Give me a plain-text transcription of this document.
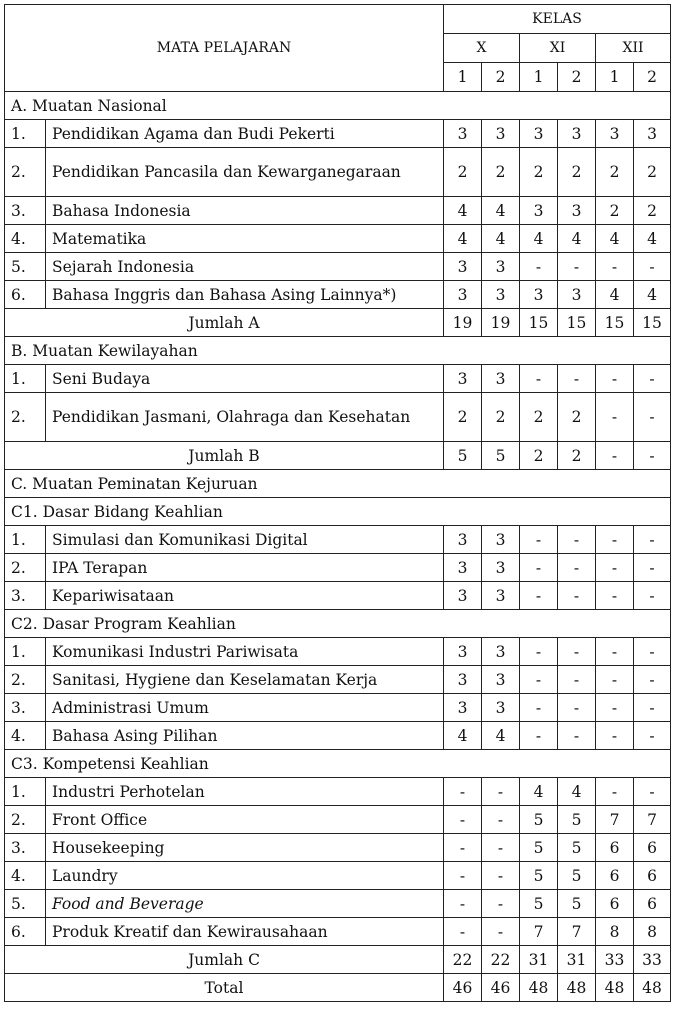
MATA PELAJARAN		KELAS					
		X		XI		XII	
		1	2	1	2	1	2
A. Muatan Nasional							
1.	Pendidikan Agama dan Budi Pekerti	3	3	3	3	3	3
2.	Pendidikan Pancasila dan Kewarganegaraan	2	2	2	2	2	2
3.	Bahasa Indonesia	4	4	3	3	2	2
4.	Matematika	4	4	4	4	4	4
5.	Sejarah Indonesia	3	3	-	-	-	-
6.	Bahasa Inggris dan Bahasa Asing Lainnya*)	3	3	3	3	4	4
Jumlah A		19	19	15	15	15	15
B. Muatan Kewilayahan							
1.	Seni Budaya	3	3	-	-	-	-
2.	Pendidikan Jasmani, Olahraga dan Kesehatan	2	2	2	2	-	-
Jumlah B		5	5	2	2	-	-
C. Muatan Peminatan Kejuruan							
C1. Dasar Bidang Keahlian							
1.	Simulasi dan Komunikasi Digital	3	3	-	-	-	-
2.	IPA Terapan	3	3	-	-	-	-
3.	Kepariwisataan	3	3	-	-	-	-
C2. Dasar Program Keahlian							
1.	Komunikasi Industri Pariwisata	3	3	-	-	-	-
2.	Sanitasi, Hygiene dan Keselamatan Kerja	3	3	-	-	-	-
3.	Administrasi Umum	3	3	-	-	-	-
4.	Bahasa Asing Pilihan	4	4	-	-	-	-
C3. Kompetensi Keahlian							
1.	Industri Perhotelan	-	-	4	4	-	-
2.	Front Office	-	-	5	5	7	7
3.	Housekeeping	-	-	5	5	6	6
4.	Laundry	-	-	5	5	6	6
5.	Food and Beverage	-	-	5	5	6	6
6.	Produk Kreatif dan Kewirausahaan	-	-	7	7	8	8
Jumlah C		22	22	31	31	33	33
Total		46	46	48	48	48	48
